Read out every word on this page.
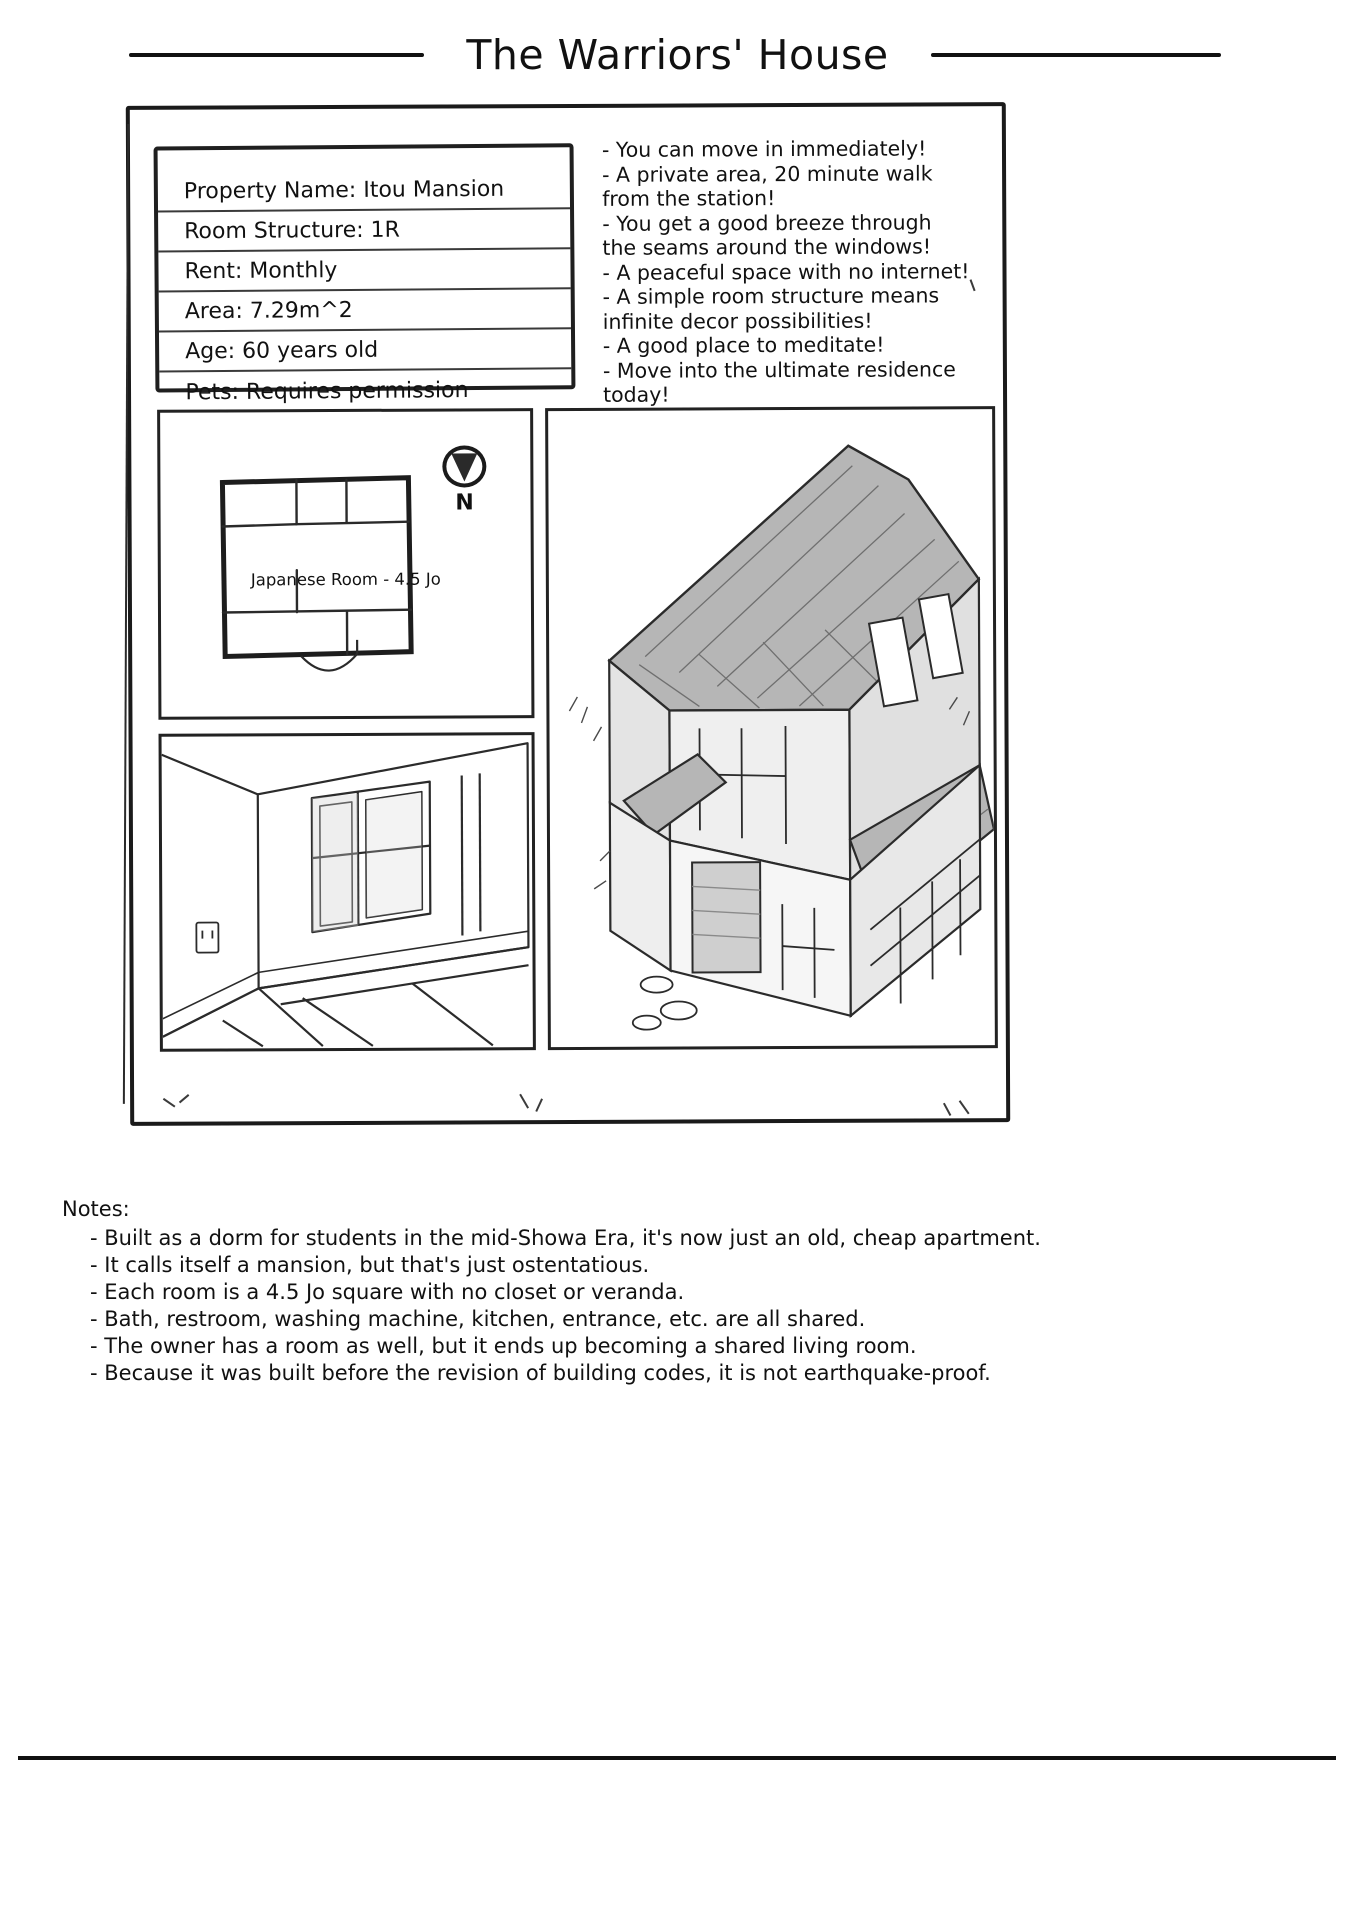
The Warriors' House
Property Name: Itou Mansion
Room Structure: 1R
Rent: Monthly
Area: 7.29m^2
Age: 60 years old
Pets: Requires permission

- You can move in immediately!

- A private area, 20 minute walk

from the station!

- You get a good breeze through

the seams around the windows!

- A peaceful space with no internet!

- A simple room structure means

infinite decor possibilities!

- A good place to meditate!

- Move into the ultimate residence

today!

Japanese Room - 4.5 Jo
N

Notes:

- Built as a dorm for students in the mid-Showa Era, it's now just an old, cheap apartment.

- It calls itself a mansion, but that's just ostentatious.

- Each room is a 4.5 Jo square with no closet or veranda.

- Bath, restroom, washing machine, kitchen, entrance, etc. are all shared.

- The owner has a room as well, but it ends up becoming a shared living room.

- Because it was built before the revision of building codes, it is not earthquake-proof.
